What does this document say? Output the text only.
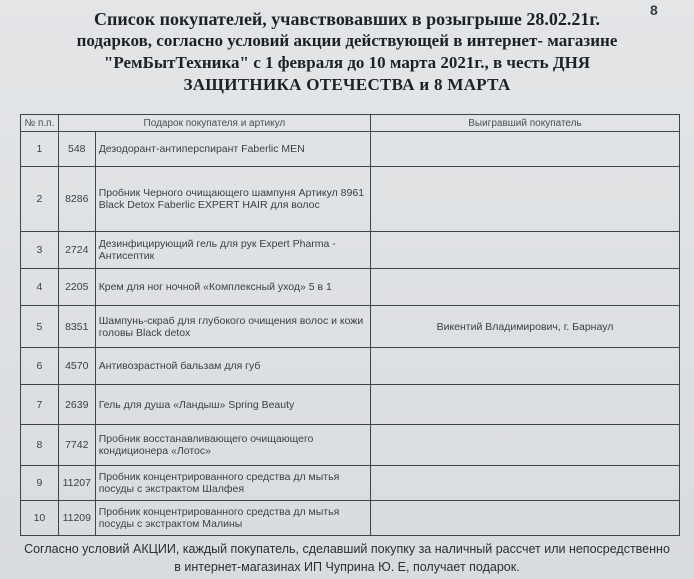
8
Список покупателей, учавствовавших в розыгрыше 28.02.21г.
подарков, согласно условий акции действующей в интернет- магазине
"РемБытТехника" с 1 февраля до 10 марта 2021г., в честь ДНЯ
ЗАЩИТНИКА ОТЕЧЕСТВА и 8 МАРТА
№ п.п.	Подарок покупателя и артикул		Выигравший покупатель
1	548	Дезодорант-антиперспирант Faberlic MEN	
2	8286	Пробник Черного очищающего шампуня Артикул 8961 Black Detox Faberlic EXPERT HAIR для волос	
3	2724	Дезинфицирующий гель для рук Expert Pharma - Антисептик	
4	2205	Крем для ног ночной «Комплексный уход» 5 в 1	
5	8351	Шампунь-скраб для глубокого очищения волос и кожи головы Black detox	Викентий Владимирович, г. Барнаул
6	4570	Антивозрастной бальзам для губ	
7	2639	Гель для душа «Ландыш» Spring Beauty	
8	7742	Пробник восстанавливающего очищающего кондиционера «Лотос»	
9	11207	Пробник концентрированного средства дл мытья посуды с экстрактом Шалфея	
10	11209	Пробник концентрированного средства дл мытья посуды с экстрактом Малины	
Согласно условий АКЦИИ, каждый покупатель, сделавший покупку за наличный рассчет или непосредственно
в интернет-магазинах ИП Чуприна Ю. Е, получает подарок.
